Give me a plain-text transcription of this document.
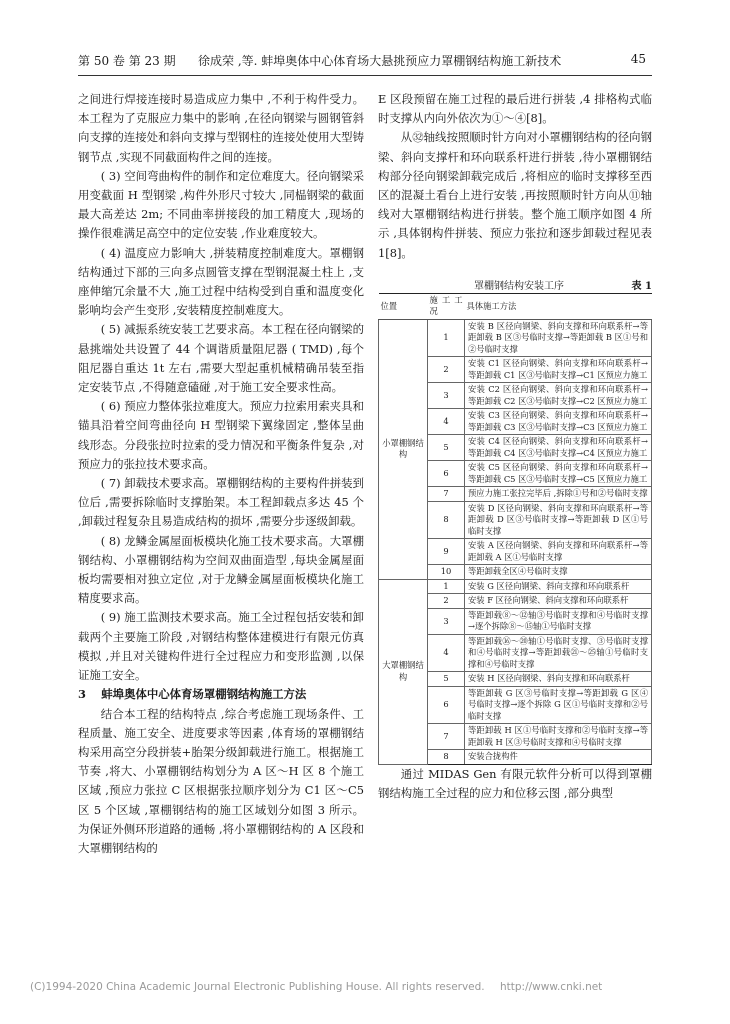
第 50 卷 第 23 期 徐成荣 ,等. 蚌埠奥体中心体育场大悬挑预应力罩棚钢结构施工新技术	45

之间进行焊接连接时易造成应力集中 ,不利于构件受力。本工程为了克服应力集中的影响 ,在径向钢梁与圆钢管斜向支撑的连接处和斜向支撑与型钢柱的连接处使用大型铸钢节点 ,实现不同截面构件之间的连接。

( 3) 空间弯曲构件的制作和定位难度大。径向钢梁采用变截面 H 型钢梁 ,构件外形尺寸较大 ,同榀钢梁的截面最大高差达 2m; 不同曲率拼接段的加工精度大 ,现场的操作很难满足高空中的定位安装 ,作业难度较大。

( 4) 温度应力影响大 ,拼装精度控制难度大。罩棚钢结构通过下部的三向多点圆管支撑在型钢混凝土柱上 ,支座伸缩冗余量不大 ,施工过程中结构受到自重和温度变化影响均会产生变形 ,安装精度控制难度大。

( 5) 减振系统安装工艺要求高。本工程在径向钢梁的悬挑端处共设置了 44 个调谐质量阻尼器 ( TMD) ,每个阻尼器自重达 1t 左右 ,需要大型起重机械精确吊装至指定安装节点 ,不得随意磕碰 ,对于施工安全要求性高。

( 6) 预应力整体张拉难度大。预应力拉索用索夹具和锚具沿着空间弯曲径向 H 型钢梁下翼缘固定 ,整体呈曲线形态。分段张拉时拉索的受力情况和平衡条件复杂 ,对预应力的张拉技术要求高。

( 7) 卸载技术要求高。罩棚钢结构的主要构件拼装到位后 ,需要拆除临时支撑胎架。本工程卸载点多达 45 个 ,卸载过程复杂且易造成结构的损坏 ,需要分步逐级卸载。

( 8) 龙鳞金属屋面板模块化施工技术要求高。大罩棚钢结构、小罩棚钢结构为空间双曲面造型 ,每块金属屋面板均需要相对独立定位 ,对于龙鳞金属屋面板模块化施工精度要求高。

( 9) 施工监测技术要求高。施工全过程包括安装和卸载两个主要施工阶段 ,对钢结构整体建模进行有限元仿真模拟 ,并且对关键构件进行全过程应力和变形监测 ,以保证施工安全。

3　 蚌埠奥体中心体育场罩棚钢结构施工方法

结合本工程的结构特点 ,综合考虑施工现场条件、工程质量、施工安全、进度要求等因素 ,体育场的罩棚钢结构采用高空分段拼装+胎架分级卸载进行施工。根据施工节奏 ,将大、小罩棚钢结构划分为 A 区～H 区 8 个施工区域 ,预应力张拉 C 区根据张拉顺序划分为 C1 区～C5 区 5 个区域 ,罩棚钢结构的施工区域划分如图 3 所示。为保证外侧环形道路的通畅 ,将小罩棚钢结构的 A 区段和大罩棚钢结构的

E 区段预留在施工过程的最后进行拼装 ,4 排格构式临时支撑从内向外依次为①～④[8]。

从㉜轴线按照顺时针方向对小罩棚钢结构的径向钢梁、斜向支撑杆和环向联系杆进行拼装 ,待小罩棚钢结构部分径向钢梁卸载完成后 ,将相应的临时支撑移至西区的混凝土看台上进行安装 ,再按照顺时针方向从⑪轴线对大罩棚钢结构进行拼装。整个施工顺序如图 4 所示 ,具体钢构件拼装、预应力张拉和逐步卸载过程见表 1[8]。

罩棚钢结构安装工序	表 1
位置	施工工况	具体施工方法
小罩棚钢结构	1	安装 B 区径向钢梁、斜向支撑和环向联系杆→等距卸载 B 区③号临时支撑→等距卸载 B 区①号和②号临时支撑
	2	安装 C1 区径向钢梁、斜向支撑和环向联系杆→等距卸载 C1 区③号临时支撑→C1 区预应力施工
	3	安装 C2 区径向钢梁、斜向支撑和环向联系杆→等距卸载 C2 区③号临时支撑→C2 区预应力施工
	4	安装 C3 区径向钢梁、斜向支撑和环向联系杆→等距卸载 C3 区③号临时支撑→C3 区预应力施工
	5	安装 C4 区径向钢梁、斜向支撑和环向联系杆→等距卸载 C4 区③号临时支撑→C4 区预应力施工
	6	安装 C5 区径向钢梁、斜向支撑和环向联系杆→等距卸载 C5 区③号临时支撑→C5 区预应力施工
	7	预应力施工张拉完毕后 ,拆除①号和②号临时支撑
	8	安装 D 区径向钢梁、斜向支撑和环向联系杆→等距卸载 D 区③号临时支撑→等距卸载 D 区①号临时支撑
	9	安装 A 区径向钢梁、斜向支撑和环向联系杆→等距卸载 A 区①号临时支撑
	10	等距卸载全区④号临时支撑
大罩棚钢结构	1	安装 G 区径向钢梁、斜向支撑和环向联系杆
	2	安装 F 区径向钢梁、斜向支撑和环向联系杆
	3	等距卸载⑧～⑫轴③号临时支撑和④号临时支撑→逐个拆除⑧～⑮轴①号临时支撑
	4	等距卸载⑯～⑳轴①号临时支撑、③号临时支撑和④号临时支撑→等距卸载㉑～㉕轴①号临时支撑和④号临时支撑
	5	安装 H 区径向钢梁、斜向支撑和环向联系杆
	6	等距卸载 G 区③号临时支撑→等距卸载 G 区④号临时支撑→逐个拆除 G 区①号临时支撑和②号临时支撑
	7	等距卸载 H 区①号临时支撑和②号临时支撑→等距卸载 H 区③号临时支撑和④号临时支撑
	8	安装合拢构件

通过 MIDAS Gen 有限元软件分析可以得到罩棚钢结构施工全过程的应力和位移云图 ,部分典型

(C)1994-2020 China Academic Journal Electronic Publishing House. All rights reserved. http://www.cnki.net
